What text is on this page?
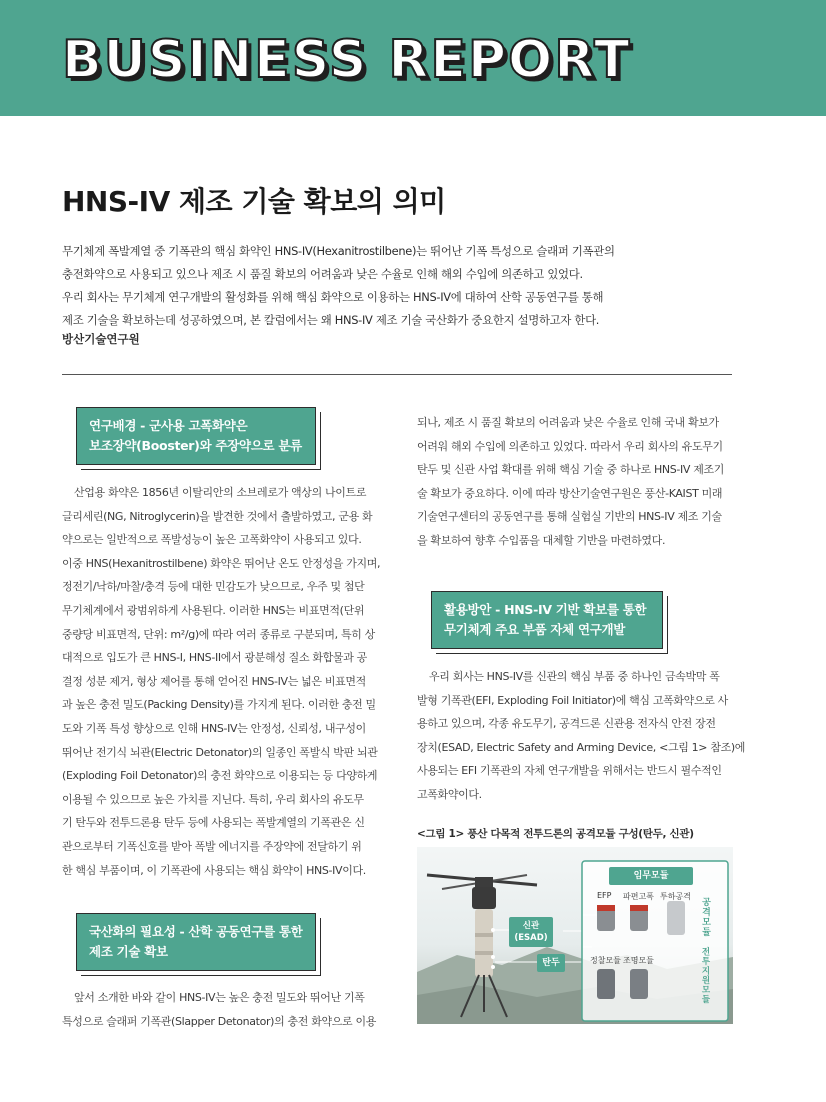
BUSINESS REPORT
HNS-IV 제조 기술 확보의 의미

무기체계 폭발계열 중 기폭관의 핵심 화약인 HNS-IV(Hexanitrostilbene)는 뛰어난 기폭 특성으로 슬래퍼 기폭관의

충전화약으로 사용되고 있으나 제조 시 품질 확보의 어려움과 낮은 수율로 인해 해외 수입에 의존하고 있었다.

우리 회사는 무기체계 연구개발의 활성화를 위해 핵심 화약으로 이용하는 HNS-IV에 대하여 산학 공동연구를 통해

제조 기술을 확보하는데 성공하였으며, 본 칼럼에서는 왜 HNS-IV 제조 기술 국산화가 중요한지 설명하고자 한다.

방산기술연구원
연구배경 - 군사용 고폭화약은
보조장약(Booster)와 주장약으로 분류

산업용 화약은 1856년 이탈리안의 소브레로가 액상의 나이트로

글리세린(NG, Nitroglycerin)을 발견한 것에서 출발하였고, 군용 화

약으로는 일반적으로 폭발성능이 높은 고폭화약이 사용되고 있다.

이중 HNS(Hexanitrostilbene) 화약은 뛰어난 온도 안정성을 가지며,

정전기/낙하/마찰/충격 등에 대한 민감도가 낮으므로, 우주 및 첨단

무기체계에서 광범위하게 사용된다. 이러한 HNS는 비표면적(단위

중량당 비표면적, 단위: m²/g)에 따라 여러 종류로 구분되며, 특히 상

대적으로 입도가 큰 HNS-I, HNS-II에서 광분해성 질소 화합물과 공

결정 성분 제거, 형상 제어를 통해 얻어진 HNS-IV는 넓은 비표면적

과 높은 충전 밀도(Packing Density)를 가지게 된다. 이러한 충전 밀

도와 기폭 특성 향상으로 인해 HNS-IV는 안정성, 신뢰성, 내구성이

뛰어난 전기식 뇌관(Electric Detonator)의 일종인 폭발식 박판 뇌관

(Exploding Foil Detonator)의 충전 화약으로 이용되는 등 다양하게

이용될 수 있으므로 높은 가치를 지닌다. 특히, 우리 회사의 유도무

기 탄두와 전투드론용 탄두 등에 사용되는 폭발계열의 기폭관은 신

관으로부터 기폭신호를 받아 폭발 에너지를 주장약에 전달하기 위

한 핵심 부품이며, 이 기폭관에 사용되는 핵심 화약이 HNS-IV이다.

국산화의 필요성 - 산학 공동연구를 통한
제조 기술 확보

앞서 소개한 바와 같이 HNS-IV는 높은 충전 밀도와 뛰어난 기폭

특성으로 슬래퍼 기폭관(Slapper Detonator)의 충전 화약으로 이용

되나, 제조 시 품질 확보의 어려움과 낮은 수율로 인해 국내 확보가

어려워 해외 수입에 의존하고 있었다. 따라서 우리 회사의 유도무기

탄두 및 신관 사업 확대를 위해 핵심 기술 중 하나로 HNS-IV 제조기

술 확보가 중요하다. 이에 따라 방산기술연구원은 풍산-KAIST 미래

기술연구센터의 공동연구를 통해 실험실 기반의 HNS-IV 제조 기술

을 확보하여 향후 수입품을 대체할 기반을 마련하였다.

활용방안 - HNS-IV 기반 확보를 통한
무기체계 주요 부품 자체 연구개발

우리 회사는 HNS-IV를 신관의 핵심 부품 중 하나인 금속박막 폭

발형 기폭관(EFI, Exploding Foil Initiator)에 핵심 고폭화약으로 사

용하고 있으며, 각종 유도무기, 공격드론 신관용 전자식 안전 장전

장치(ESAD, Electric Safety and Arming Device, <그림 1> 참조)에

사용되는 EFI 기폭관의 자체 연구개발을 위해서는 반드시 필수적인

고폭화약이다.

<그림 1> 풍산 다목적 전투드론의 공격모듈 구성(탄두, 신관)
임무모듈
EFP 파편고폭 투하공격
공격모듈
신관
(ESAD)
탄두	정찰모듈 조명모듈	전투지원모듈
